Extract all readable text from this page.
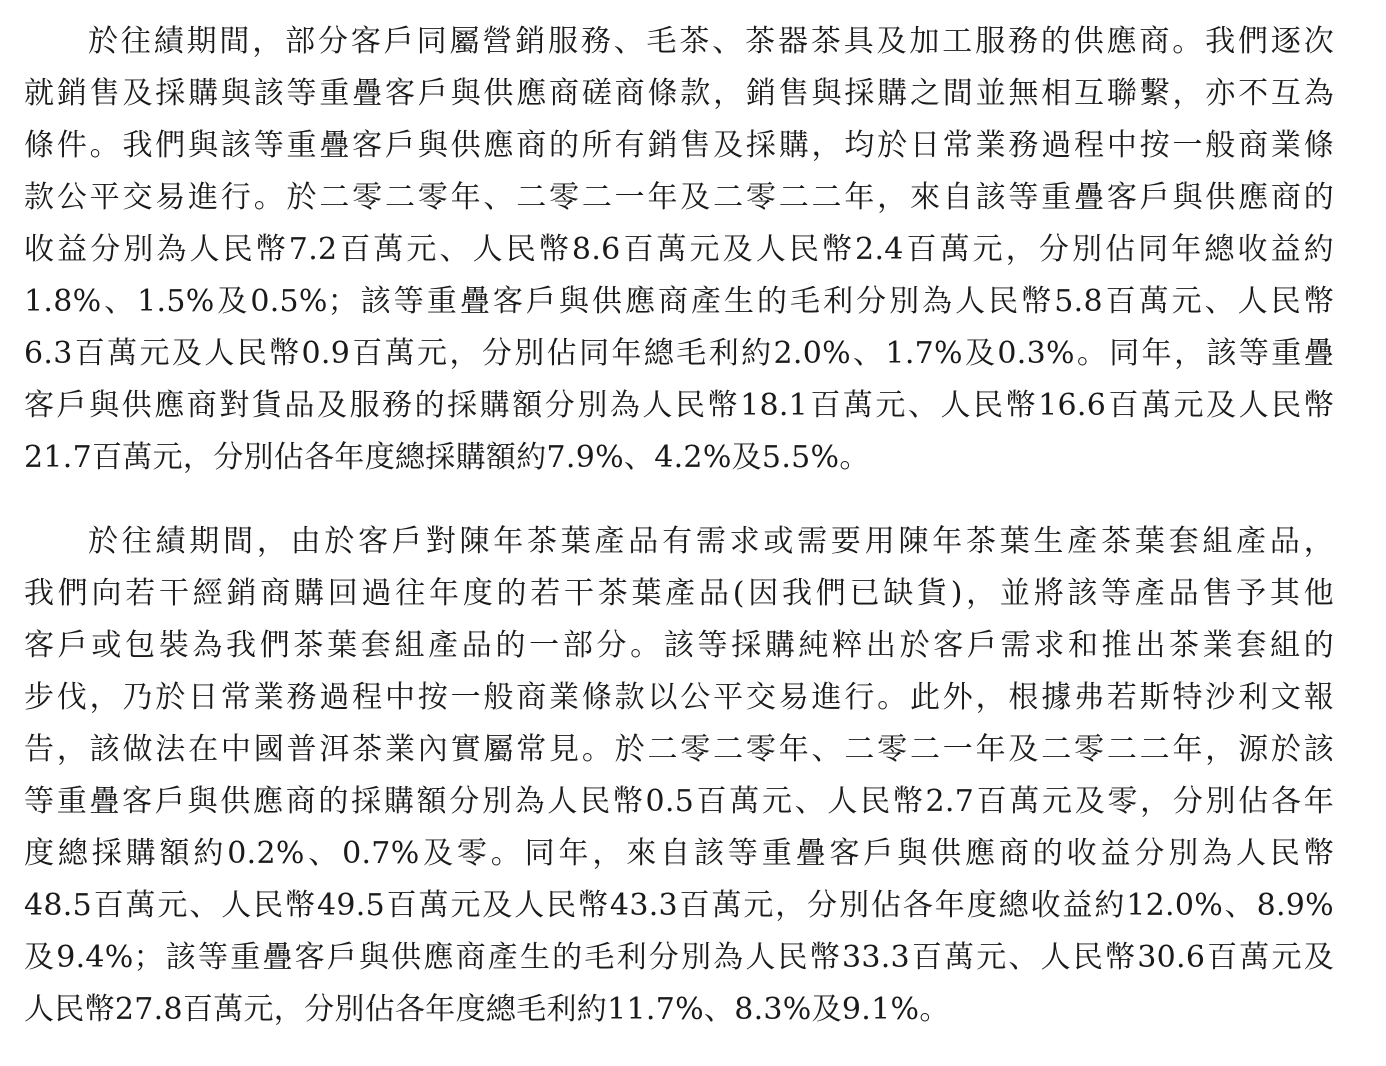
於往績期間，部分客戶同屬營銷服務、毛茶、茶器茶具及加工服務的供應商。我們逐次
就銷售及採購與該等重疊客戶與供應商磋商條款，銷售與採購之間並無相互聯繫，亦不互為
條件。我們與該等重疊客戶與供應商的所有銷售及採購，均於日常業務過程中按一般商業條
款公平交易進行。於二零二零年、二零二一年及二零二二年，來自該等重疊客戶與供應商的
收益分別為人民幣7.2百萬元、人民幣8.6百萬元及人民幣2.4百萬元，分別佔同年總收益約
1.8%、1.5%及0.5%；該等重疊客戶與供應商產生的毛利分別為人民幣5.8百萬元、人民幣
6.3百萬元及人民幣0.9百萬元，分別佔同年總毛利約2.0%、1.7%及0.3%。同年，該等重疊
客戶與供應商對貨品及服務的採購額分別為人民幣18.1百萬元、人民幣16.6百萬元及人民幣
21.7百萬元，分別佔各年度總採購額約7.9%、4.2%及5.5%。
於往績期間，由於客戶對陳年茶葉產品有需求或需要用陳年茶葉生產茶葉套組產品，
我們向若干經銷商購回過往年度的若干茶葉產品(因我們已缺貨)，並將該等產品售予其他
客戶或包裝為我們茶葉套組產品的一部分。該等採購純粹出於客戶需求和推出茶業套組的
步伐，乃於日常業務過程中按一般商業條款以公平交易進行。此外，根據弗若斯特沙利文報
告，該做法在中國普洱茶業內實屬常見。於二零二零年、二零二一年及二零二二年，源於該
等重疊客戶與供應商的採購額分別為人民幣0.5百萬元、人民幣2.7百萬元及零，分別佔各年
度總採購額約0.2%、0.7%及零。同年，來自該等重疊客戶與供應商的收益分別為人民幣
48.5百萬元、人民幣49.5百萬元及人民幣43.3百萬元，分別佔各年度總收益約12.0%、8.9%
及9.4%；該等重疊客戶與供應商產生的毛利分別為人民幣33.3百萬元、人民幣30.6百萬元及
人民幣27.8百萬元，分別佔各年度總毛利約11.7%、8.3%及9.1%。
